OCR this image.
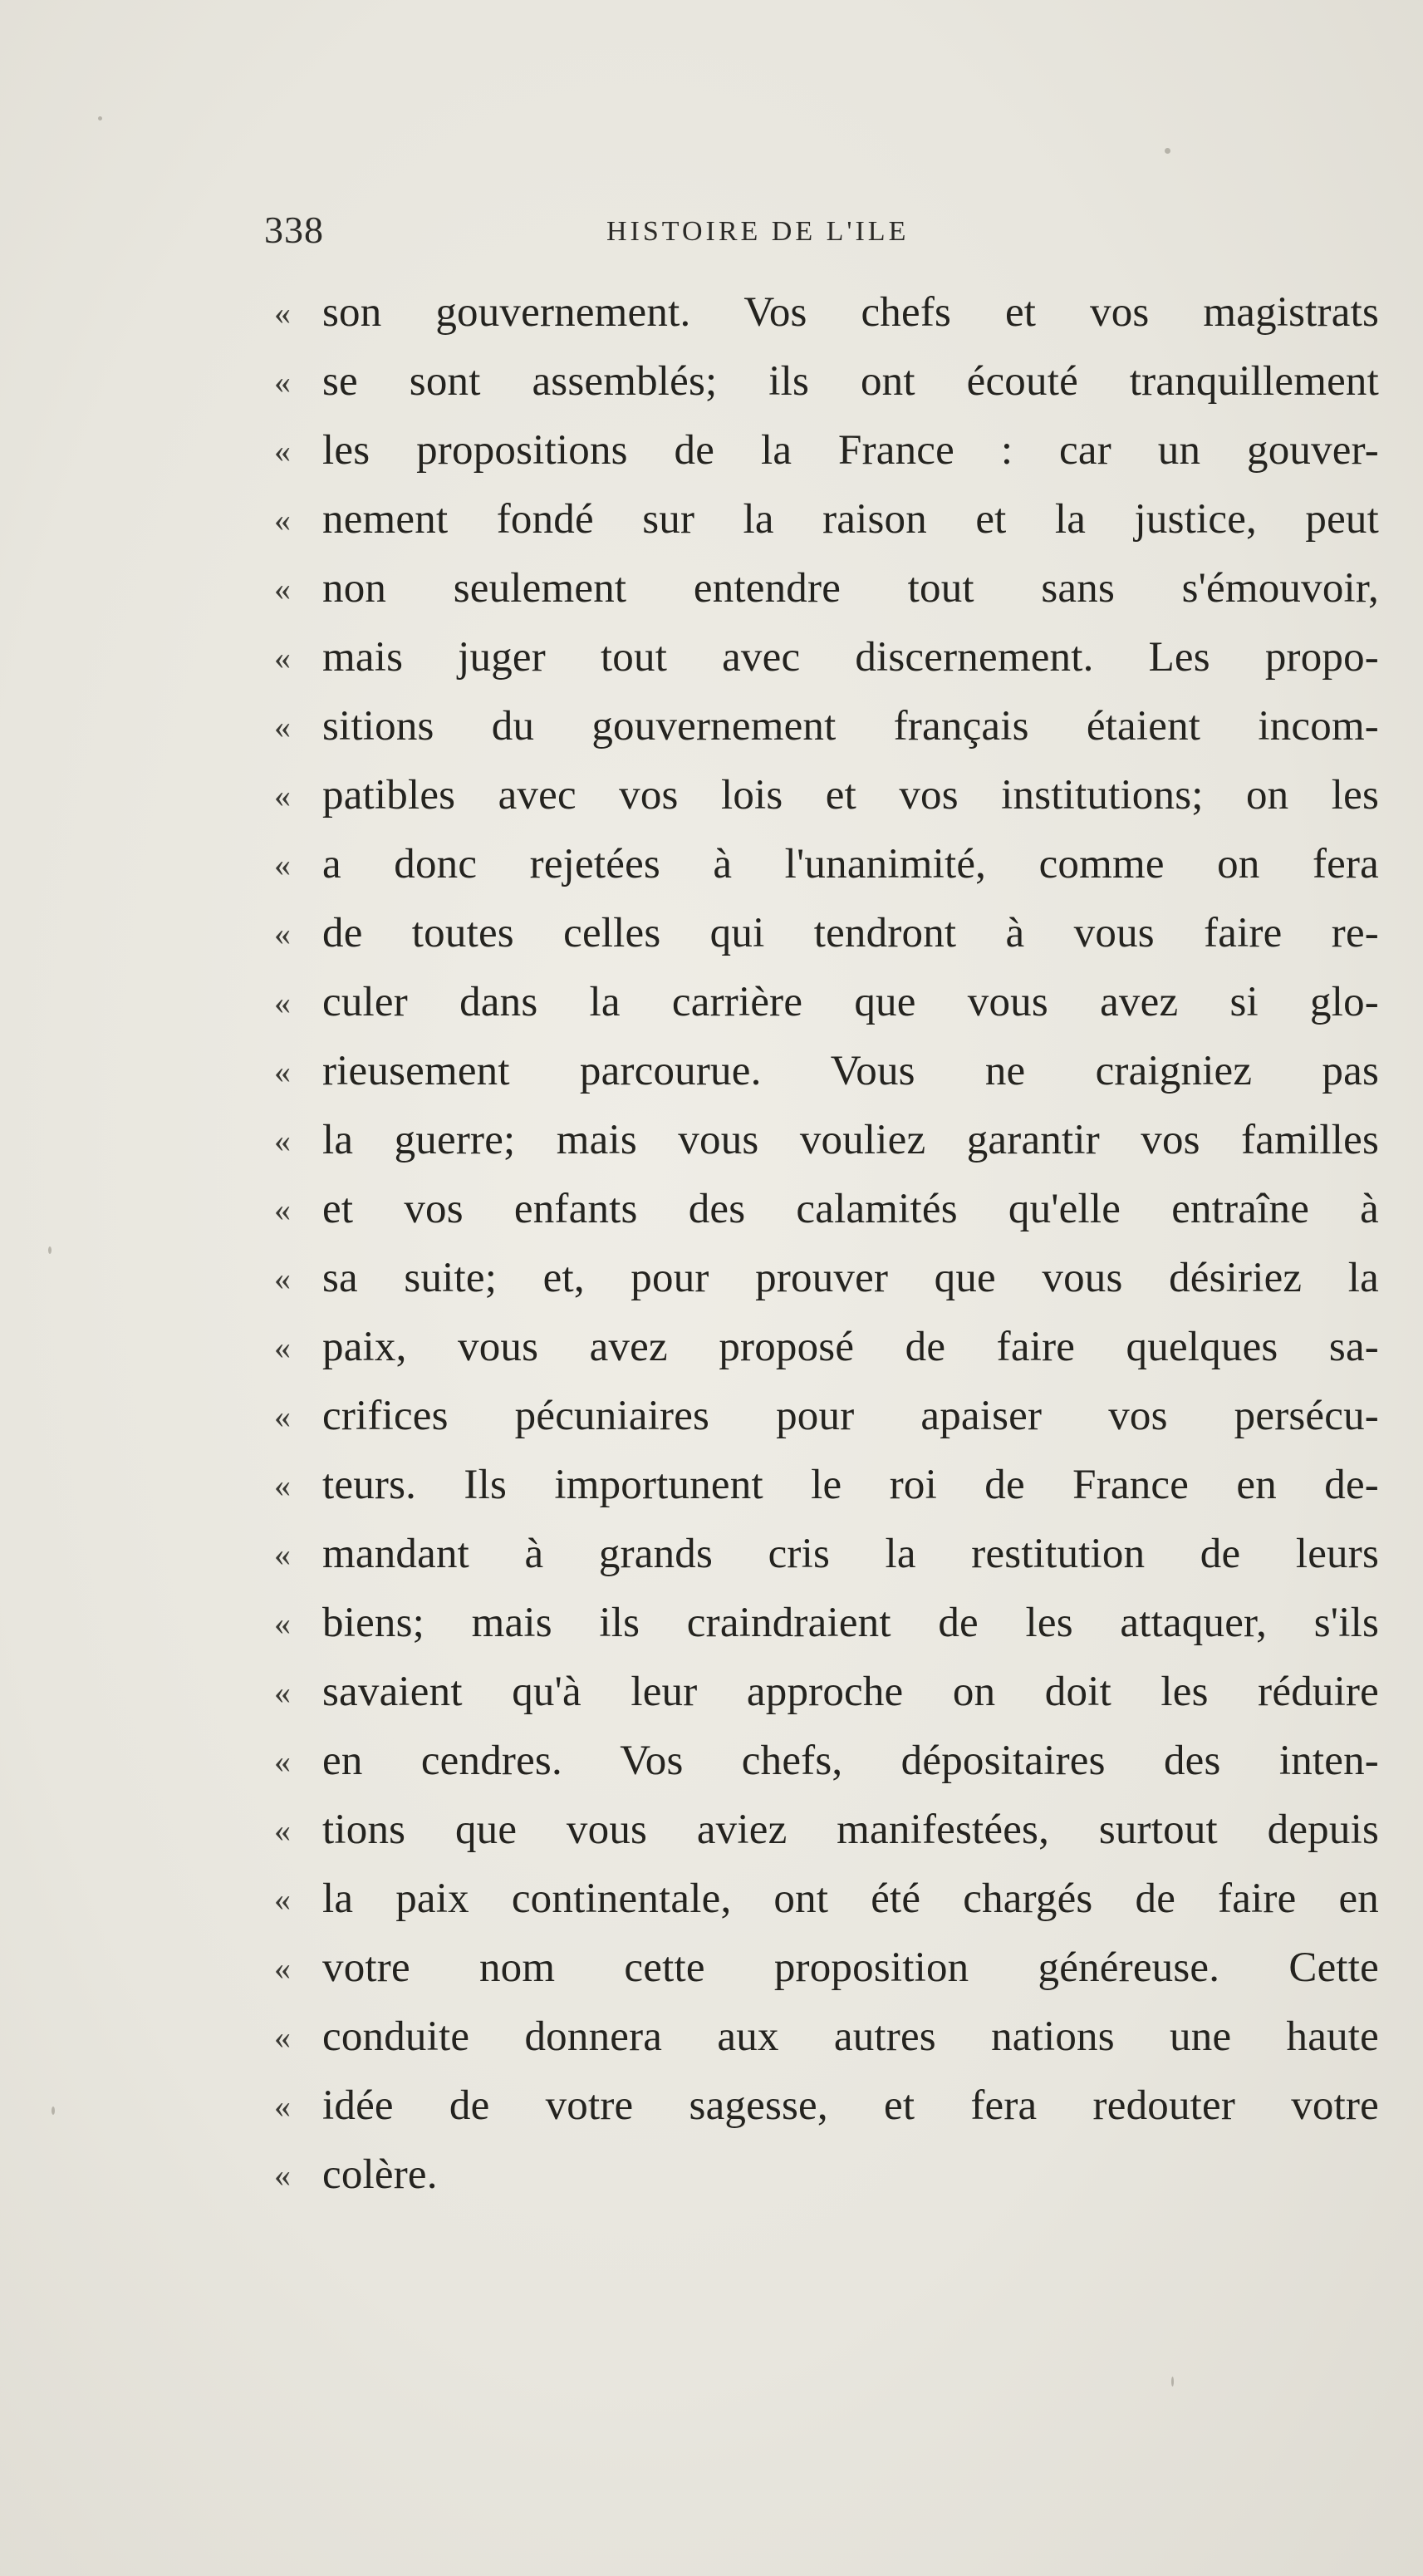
338	HISTOIRE DE L'ILE
« son gouvernement. Vos chefs et vos magistrats
« se sont assemblés; ils ont écouté tranquillement
« les propositions de la France : car un gouver-
« nement fondé sur la raison et la justice, peut
« non seulement entendre tout sans s'émouvoir,
« mais juger tout avec discernement. Les propo-
« sitions du gouvernement français étaient incom-
« patibles avec vos lois et vos institutions; on les
« a donc rejetées à l'unanimité, comme on fera
« de toutes celles qui tendront à vous faire re-
« culer dans la carrière que vous avez si glo-
« rieusement parcourue. Vous ne craigniez pas
« la guerre; mais vous vouliez garantir vos familles
« et vos enfants des calamités qu'elle entraîne à
« sa suite; et, pour prouver que vous désiriez la
« paix, vous avez proposé de faire quelques sa-
« crifices pécuniaires pour apaiser vos persécu-
« teurs. Ils importunent le roi de France en de-
« mandant à grands cris la restitution de leurs
« biens; mais ils craindraient de les attaquer, s'ils
« savaient qu'à leur approche on doit les réduire
« en cendres. Vos chefs, dépositaires des inten-
« tions que vous aviez manifestées, surtout depuis
« la paix continentale, ont été chargés de faire en
« votre nom cette proposition généreuse. Cette
« conduite donnera aux autres nations une haute
« idée de votre sagesse, et fera redouter votre
« colère.
